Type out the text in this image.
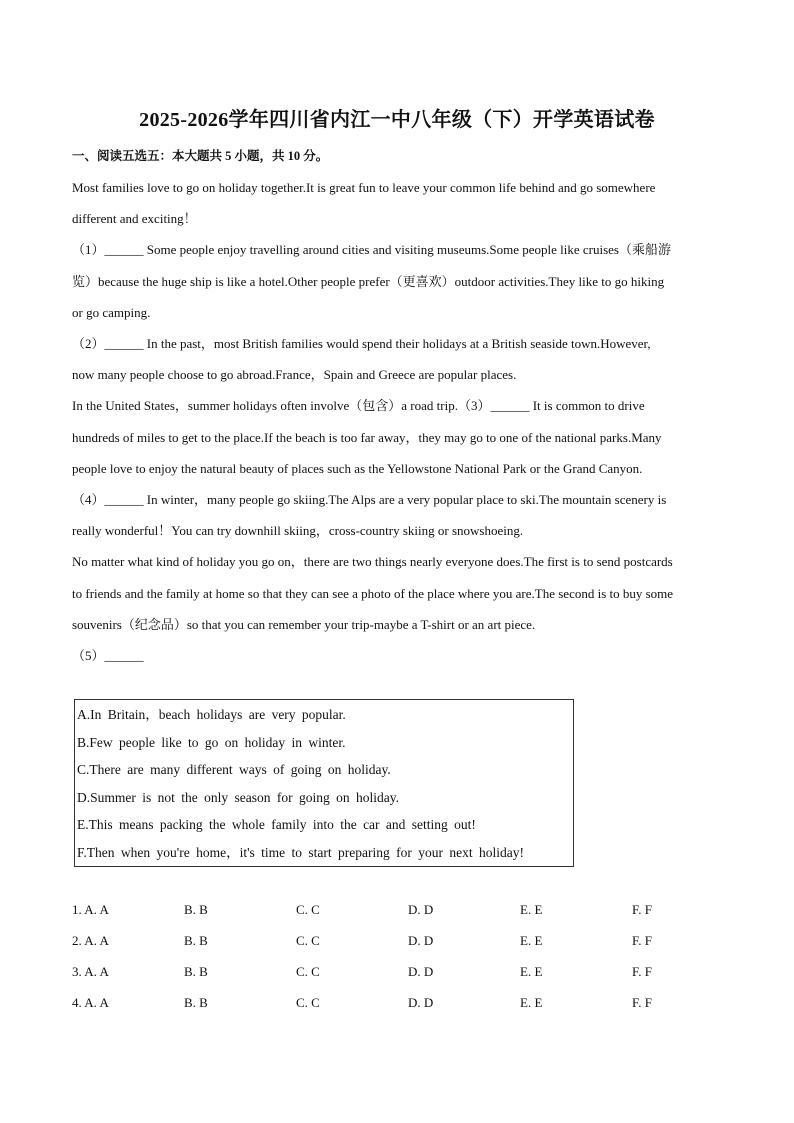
2025-2026学年四川省内江一中八年级（下）开学英语试卷
一、阅读五选五：本大题共 5 小题，共 10 分。

Most families love to go on holiday together.It is great fun to leave your common life behind and go somewhere

different and exciting！

（1）______ Some people enjoy travelling around cities and visiting museums.Some people like cruises（乘船游

览）because the huge ship is like a hotel.Other people prefer（更喜欢）outdoor activities.They like to go hiking

or go camping.

（2）______ In the past，most British families would spend their holidays at a British seaside town.However,

now many people choose to go abroad.France，Spain and Greece are popular places.

In the United States，summer holidays often involve（包含）a road trip.（3）______ It is common to drive

hundreds of miles to get to the place.If the beach is too far away，they may go to one of the national parks.Many

people love to enjoy the natural beauty of places such as the Yellowstone National Park or the Grand Canyon.

（4）______ In winter，many people go skiing.The Alps are a very popular place to ski.The mountain scenery is

really wonderful！You can try downhill skiing，cross-country skiing or snowshoeing.

No matter what kind of holiday you go on，there are two things nearly everyone does.The first is to send postcards

to friends and the family at home so that they can see a photo of the place where you are.The second is to buy some

souvenirs（纪念品）so that you can remember your trip-maybe a T-shirt or an art piece.

（5）______

A.In Britain，beach holidays are very popular.
B.Few people like to go on holiday in winter.
C.There are many different ways of going on holiday.
D.Summer is not the only season for going on holiday.
E.This means packing the whole family into the car and setting out!
F.Then when you're home，it's time to start preparing for your next holiday!
1. A. A	B. B	C. C	D. D	E. E	F. F
2. A. A	B. B	C. C	D. D	E. E	F. F
3. A. A	B. B	C. C	D. D	E. E	F. F
4. A. A	B. B	C. C	D. D	E. E	F. F
